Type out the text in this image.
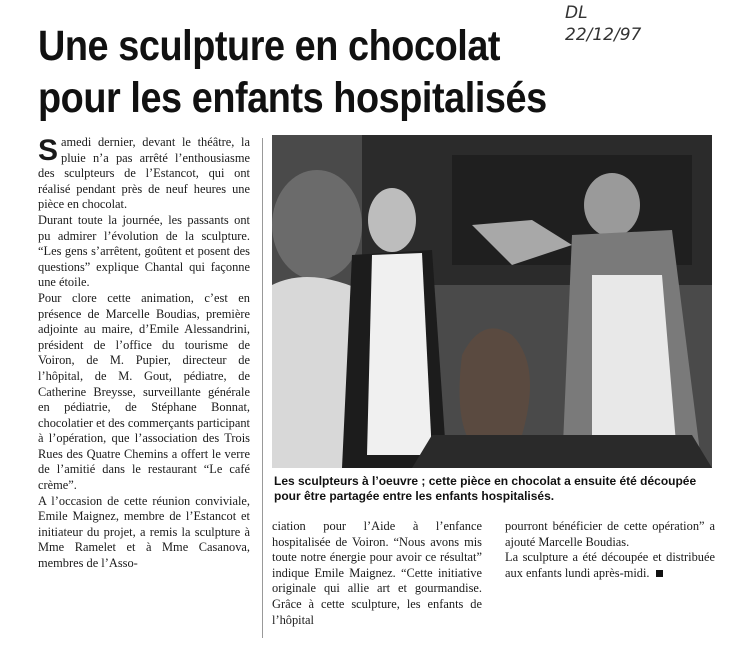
DL
22/12/97
Une sculpture en chocolat
pour les enfants hospitalisés

Samedi dernier, devant le théâtre, la pluie n’a pas arrêté l’enthousiasme des sculpteurs de l’Estancot, qui ont réalisé pendant près de neuf heures une pièce en chocolat.

Durant toute la journée, les passants ont pu admirer l’évolution de la sculpture. “Les gens s’arrêtent, goûtent et posent des questions” explique Chantal qui façonne une étoile.

Pour clore cette animation, c’est en présence de Marcelle Boudias, première adjointe au maire, d’Emile Alessandrini, président de l’office du tourisme de Voiron, de M. Pupier, directeur de l’hôpital, de M. Gout, pédiatre, de Catherine Breysse, surveillante générale en pédiatrie, de Stéphane Bonnat, chocolatier et des commerçants participant à l’opération, que l’association des Trois Rues des Quatre Chemins a offert le verre de l’amitié dans le restaurant “Le café crème”.

A l’occasion de cette réunion conviviale, Emile Maignez, membre de l’Estancot et initiateur du projet, a remis la sculpture à Mme Ramelet et à Mme Casanova, membres de l’Asso-

Les sculpteurs à l’oeuvre ; cette pièce en chocolat a ensuite été découpée pour être partagée entre les enfants hospitalisés.

ciation pour l’Aide à l’enfance hospitalisée de Voiron. “Nous avons mis toute notre énergie pour avoir ce résultat” indique Emile Maignez. “Cette initiative originale qui allie art et gourmandise. Grâce à cette sculpture, les enfants de l’hôpital

pourront bénéficier de cette opération” a ajouté Marcelle Boudias.

La sculpture a été découpée et distribuée aux enfants lundi après-midi.
